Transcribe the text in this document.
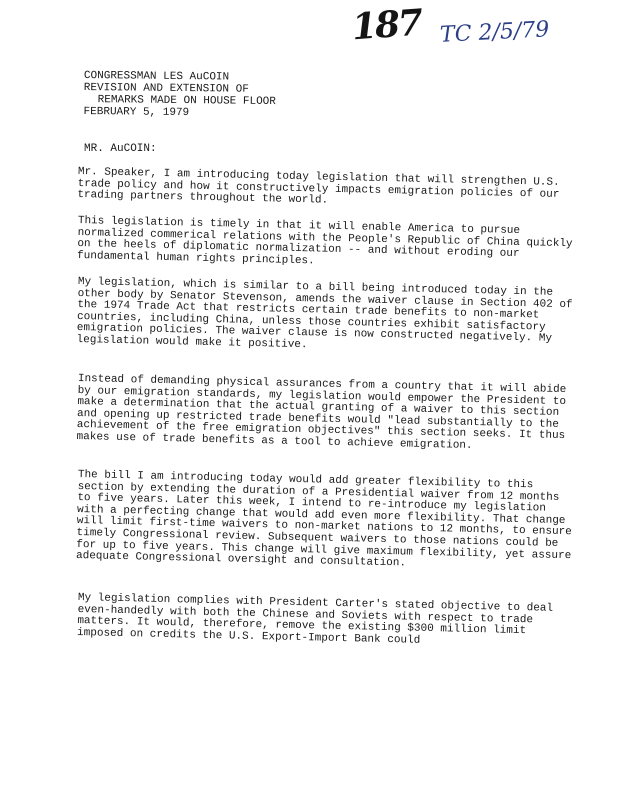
187 TC 2/5/79
CONGRESSMAN LES AuCOIN
REVISION AND EXTENSION OF
REMARKS MADE ON HOUSE FLOOR
FEBRUARY 5, 1979
MR. AuCOIN:
Mr. Speaker, I am introducing today legislation that will strengthen U.S. trade policy and how it constructively impacts emigration policies of our trading partners throughout the world.
This legislation is timely in that it will enable America to pursue normalized commerical relations with the People's Republic of China quickly on the heels of diplomatic normalization -- and without eroding our fundamental human rights principles.
My legislation, which is similar to a bill being introduced today in the other body by Senator Stevenson, amends the waiver clause in Section 402 of the 1974 Trade Act that restricts certain trade benefits to non-market countries, including China, unless those countries exhibit satisfactory emigration policies. The waiver clause is now constructed negatively. My legislation would make it positive.
Instead of demanding physical assurances from a country that it will abide by our emigration standards, my legislation would empower the President to make a determination that the actual granting of a waiver to this section and opening up restricted trade benefits would "lead substantially to the achievement of the free emigration objectives" this section seeks. It thus makes use of trade benefits as a tool to achieve emigration.
The bill I am introducing today would add greater flexibility to this section by extending the duration of a Presidential waiver from 12 months to five years. Later this week, I intend to re-introduce my legislation with a perfecting change that would add even more flexibility. That change will limit first-time waivers to non-market nations to 12 months, to ensure timely Congressional review. Subsequent waivers to those nations could be for up to five years. This change will give maximum flexibility, yet assure adequate Congressional oversight and consultation.
My legislation complies with President Carter's stated objective to deal even-handedly with both the Chinese and Soviets with respect to trade matters. It would, therefore, remove the existing $300 million limit imposed on credits the U.S. Export-Import Bank could
